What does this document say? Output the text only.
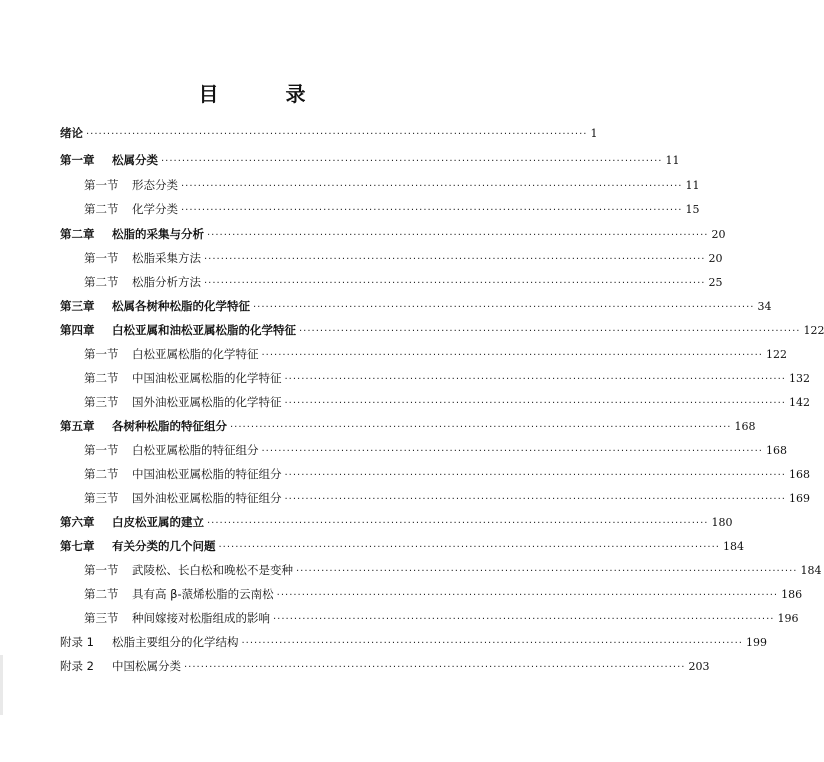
目 录
绪论 ························································································································ 1
第一章 松属分类 ························································································································ 11
第一节 形态分类 ························································································································ 11
第二节 化学分类 ························································································································ 15
第二章 松脂的采集与分析 ························································································································ 20
第一节 松脂采集方法 ························································································································ 20
第二节 松脂分析方法 ························································································································ 25
第三章 松属各树种松脂的化学特征 ························································································································ 34
第四章 白松亚属和油松亚属松脂的化学特征 ························································································································ 122
第一节 白松亚属松脂的化学特征 ························································································································ 122
第二节 中国油松亚属松脂的化学特征 ························································································································ 132
第三节 国外油松亚属松脂的化学特征 ························································································································ 142
第五章 各树种松脂的特征组分 ························································································································ 168
第一节 白松亚属松脂的特征组分 ························································································································ 168
第二节 中国油松亚属松脂的特征组分 ························································································································ 168
第三节 国外油松亚属松脂的特征组分 ························································································································ 169
第六章 白皮松亚属的建立 ························································································································ 180
第七章 有关分类的几个问题 ························································································································ 184
第一节 武陵松、长白松和晚松不是变种 ························································································································ 184
第二节 具有高 β-蒎烯松脂的云南松 ························································································································ 186
第三节 种间嫁接对松脂组成的影响 ························································································································ 196
附录 1 松脂主要组分的化学结构 ························································································································ 199
附录 2 中国松属分类 ························································································································ 203
